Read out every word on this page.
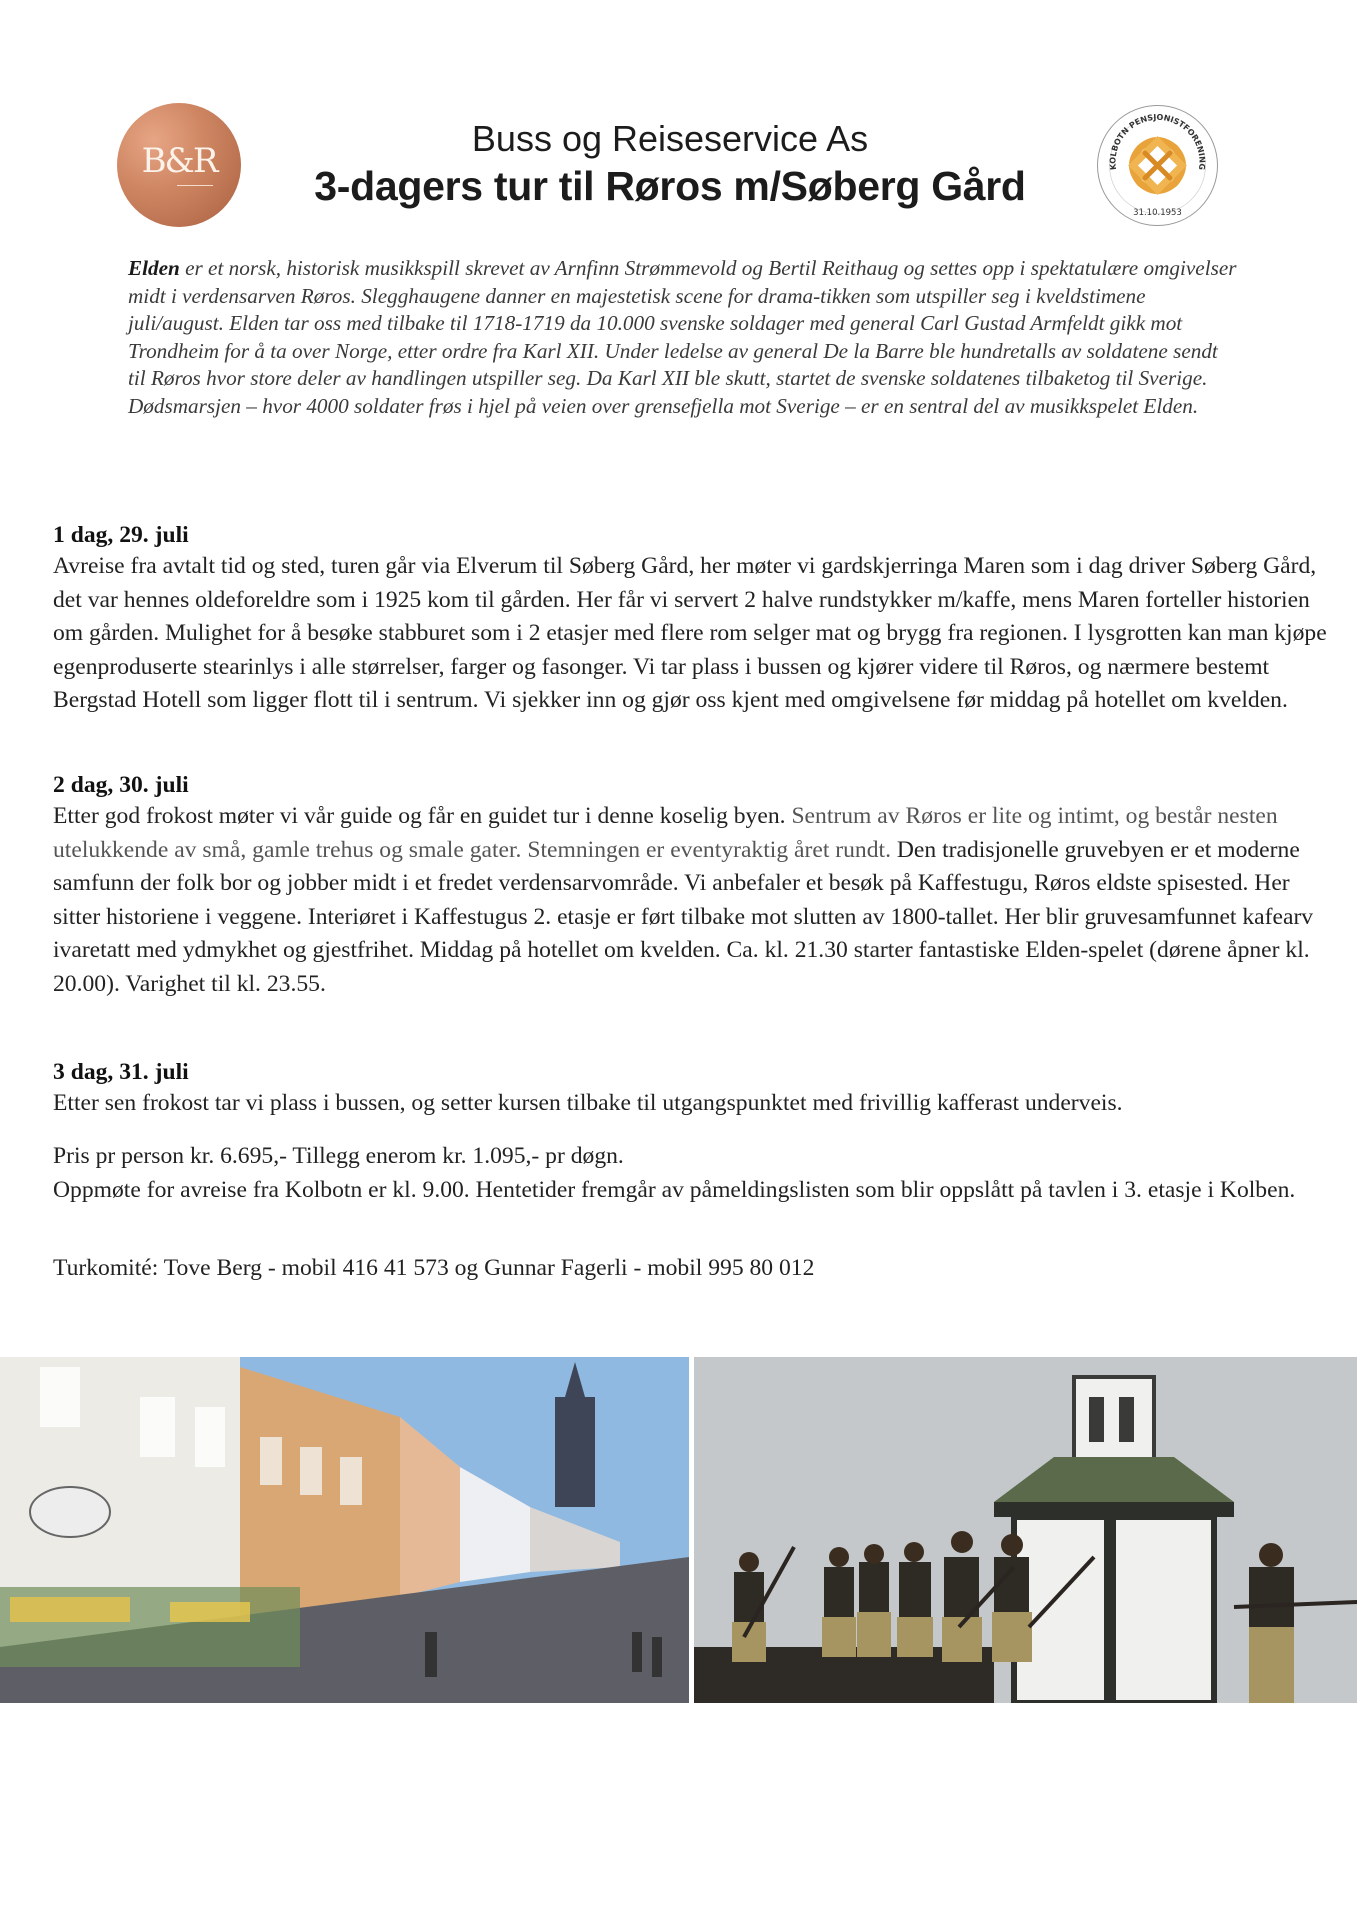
B&R
Buss og Reiseservice As
3-dagers tur til Røros m/Søberg Gård	KOLBOTN PENSJONISTFORENING
31.10.1953
Elden er et norsk, historisk musikkspill skrevet av Arnfinn Strømmevold og Bertil Reithaug og settes opp i spektatulære omgivelser midt i verdensarven Røros. Slegghaugene danner en majestetisk scene for drama-tikken som utspiller seg i kveldstimene juli/august. Elden tar oss med tilbake til 1718-1719 da 10.000 svenske soldager med general Carl Gustad Armfeldt gikk mot Trondheim for å ta over Norge, etter ordre fra Karl XII. Under ledelse av general De la Barre ble hundretalls av soldatene sendt til Røros hvor store deler av handlingen utspiller seg. Da Karl XII ble skutt, startet de svenske soldatenes tilbaketog til Sverige. Dødsmarsjen – hvor 4000 soldater frøs i hjel på veien over grensefjella mot Sverige – er en sentral del av musikkspelet Elden.
1 dag, 29. juli
Avreise fra avtalt tid og sted, turen går via Elverum til Søberg Gård, her møter vi gardskjerringa Maren som i dag driver Søberg Gård, det var hennes oldeforeldre som i 1925 kom til gården. Her får vi servert 2 halve rundstykker m/kaffe, mens Maren forteller historien om gården. Mulighet for å besøke stabburet som i 2 etasjer med flere rom selger mat og brygg fra regionen. I lysgrotten kan man kjøpe egenproduserte stearinlys i alle størrelser, farger og fasonger. Vi tar plass i bussen og kjører videre til Røros, og nærmere bestemt Bergstad Hotell som ligger flott til i sentrum. Vi sjekker inn og gjør oss kjent med omgivelsene før middag på hotellet om kvelden.
2 dag, 30. juli
Etter god frokost møter vi vår guide og får en guidet tur i denne koselig byen. Sentrum av Røros er lite og intimt, og består nesten utelukkende av små, gamle trehus og smale gater. Stemningen er eventyraktig året rundt. Den tradisjonelle gruvebyen er et moderne samfunn der folk bor og jobber midt i et fredet verdensarvområde. Vi anbefaler et besøk på Kaffestugu, Røros eldste spisested. Her sitter historiene i veggene. Interiøret i Kaffestugus 2. etasje er ført tilbake mot slutten av 1800-tallet. Her blir gruvesamfunnet kafearv ivaretatt med ydmykhet og gjestfrihet. Middag på hotellet om kvelden. Ca. kl. 21.30 starter fantastiske Elden-spelet (dørene åpner kl. 20.00). Varighet til kl. 23.55.
3 dag, 31. juli
Etter sen frokost tar vi plass i bussen, og setter kursen tilbake til utgangspunktet med frivillig kafferast underveis.
Pris pr person kr. 6.695,- Tillegg enerom kr. 1.095,- pr døgn.
Oppmøte for avreise fra Kolbotn er kl. 9.00. Hentetider fremgår av påmeldingslisten som blir oppslått på tavlen i 3. etasje i Kolben.
Turkomité: Tove Berg - mobil 416 41 573 og Gunnar Fagerli - mobil 995 80 012
